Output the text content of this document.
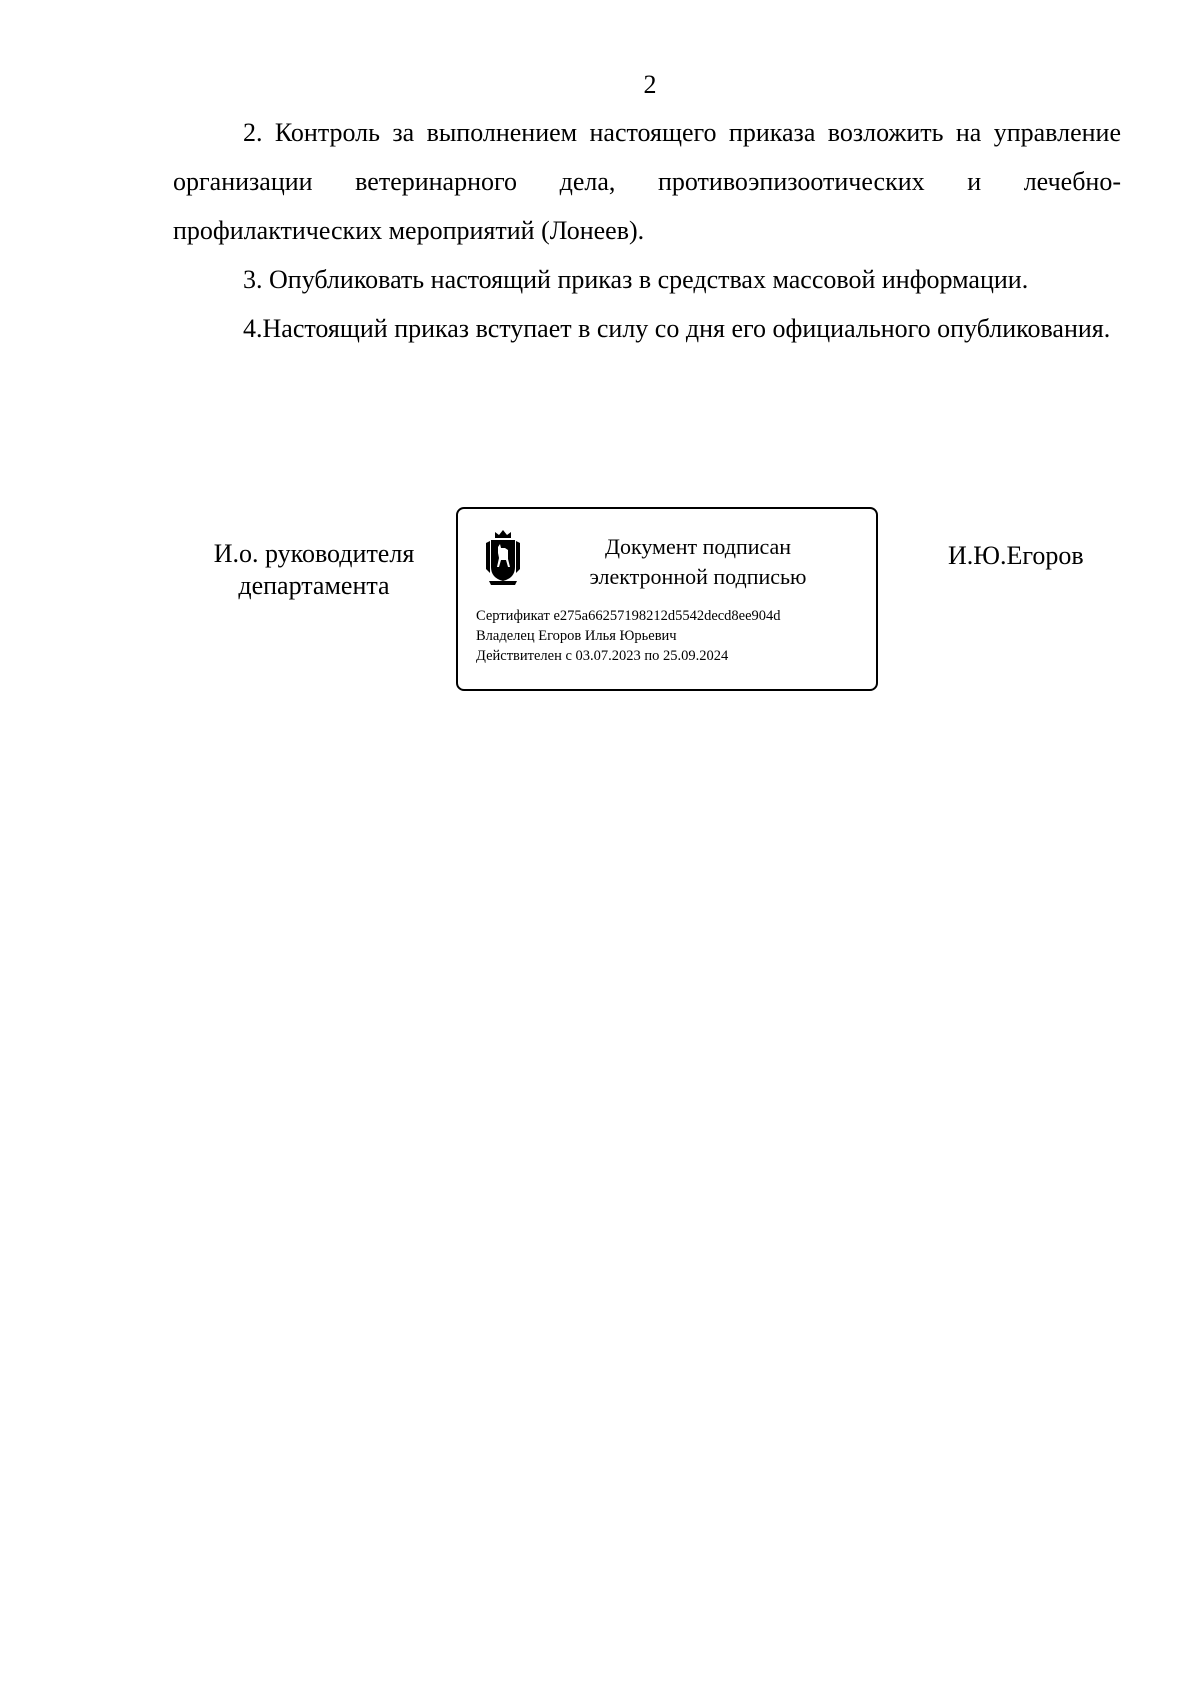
2

2. Контроль за выполнением настоящего приказа возложить на управление организации ветеринарного дела, противоэпизоотических и лечебно-профилактических мероприятий (Лонеев).

3. Опубликовать настоящий приказ в средствах массовой информации.

4.Настоящий приказ вступает в силу со дня его официального опубликования.

И.о. руководителя
департамента
Документ подписан
электронной подписью
Сертификат e275a66257198212d5542decd8ee904d
Владелец Егоров Илья Юрьевич
Действителен с 03.07.2023 по 25.09.2024
И.Ю.Егоров
